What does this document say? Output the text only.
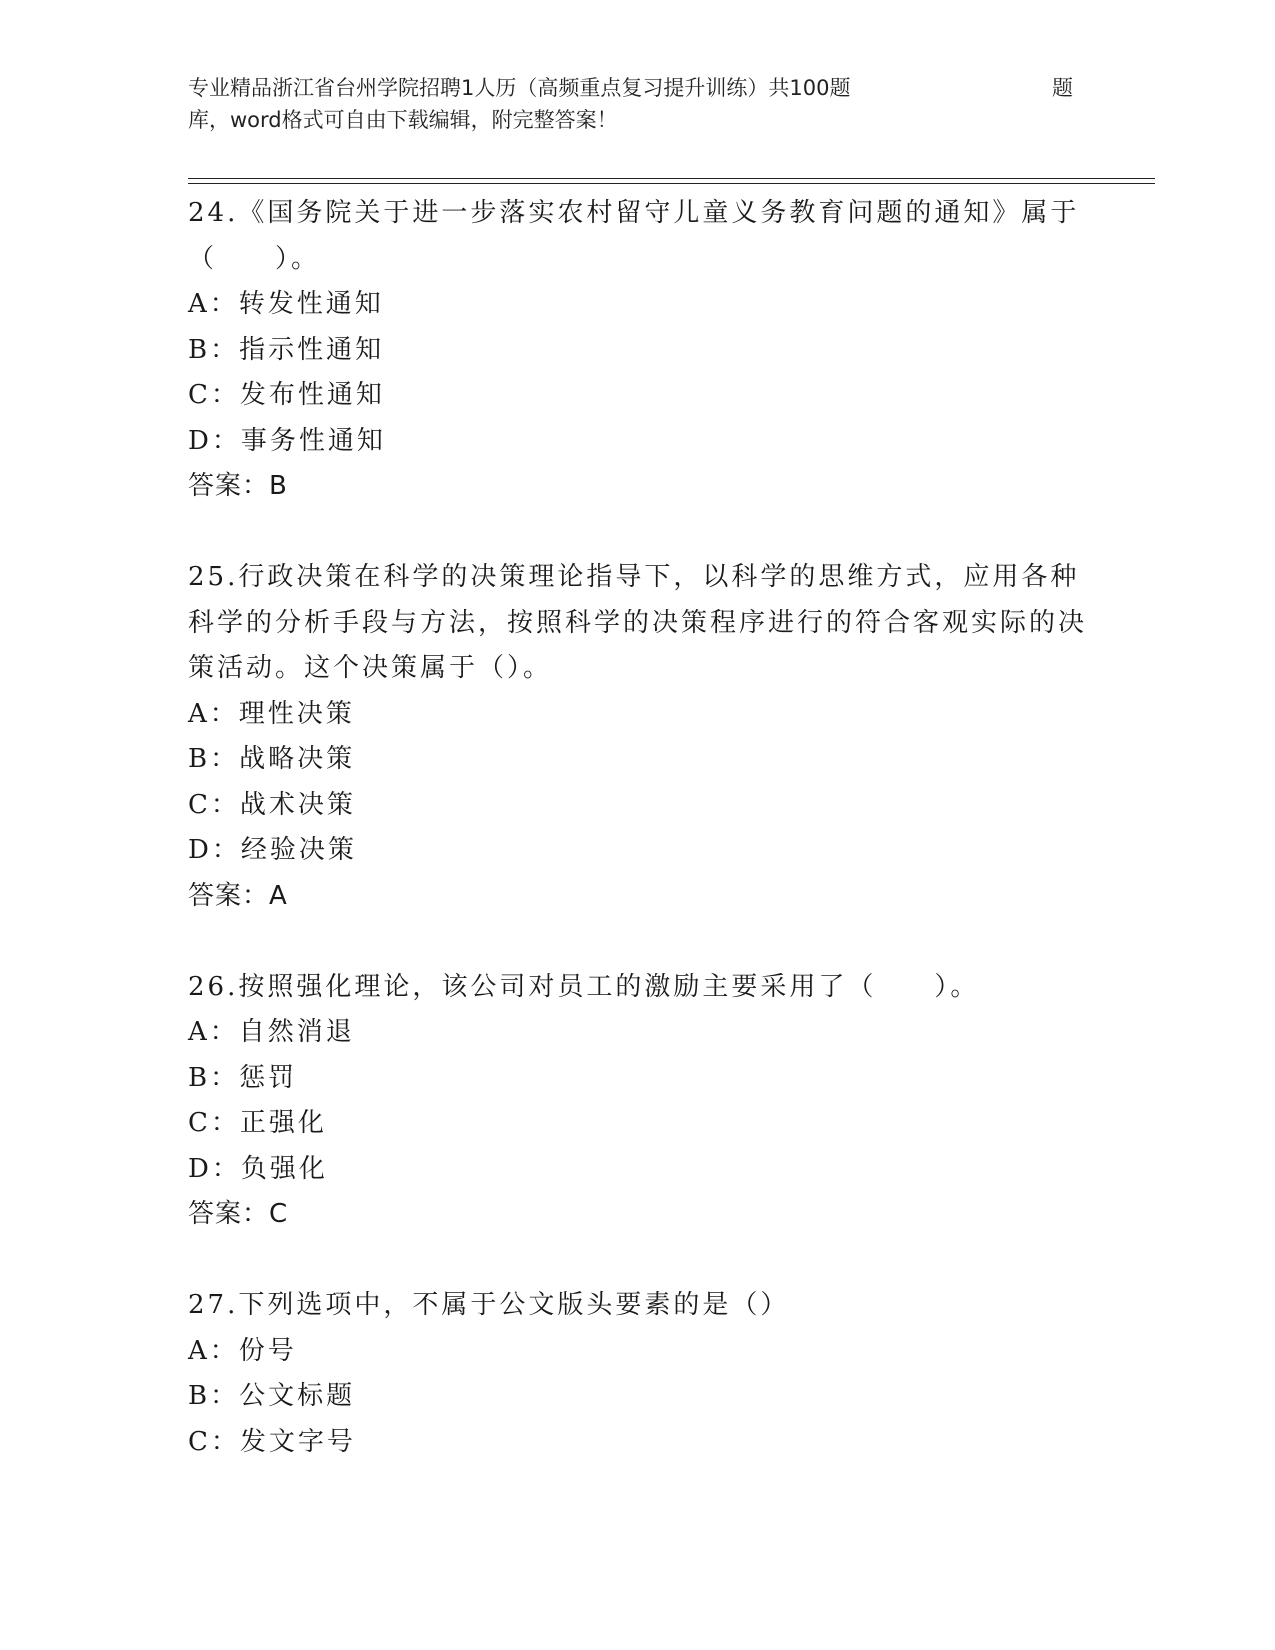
专业精品浙江省台州学院招聘1人历（高频重点复习提升训练）共100题	题
库，word格式可自由下载编辑，附完整答案！

24.《国务院关于进一步落实农村留守儿童义务教育问题的通知》属于（　　）。

A：转发性通知

B：指示性通知

C：发布性通知

D：事务性通知

答案：B

25.行政决策在科学的决策理论指导下，以科学的思维方式，应用各种科学的分析手段与方法，按照科学的决策程序进行的符合客观实际的决策活动。这个决策属于（）。

A：理性决策

B：战略决策

C：战术决策

D：经验决策

答案：A

26.按照强化理论，该公司对员工的激励主要采用了（　　）。

A：自然消退

B：惩罚

C：正强化

D：负强化

答案：C

27.下列选项中，不属于公文版头要素的是（）

A：份号

B：公文标题

C：发文字号
